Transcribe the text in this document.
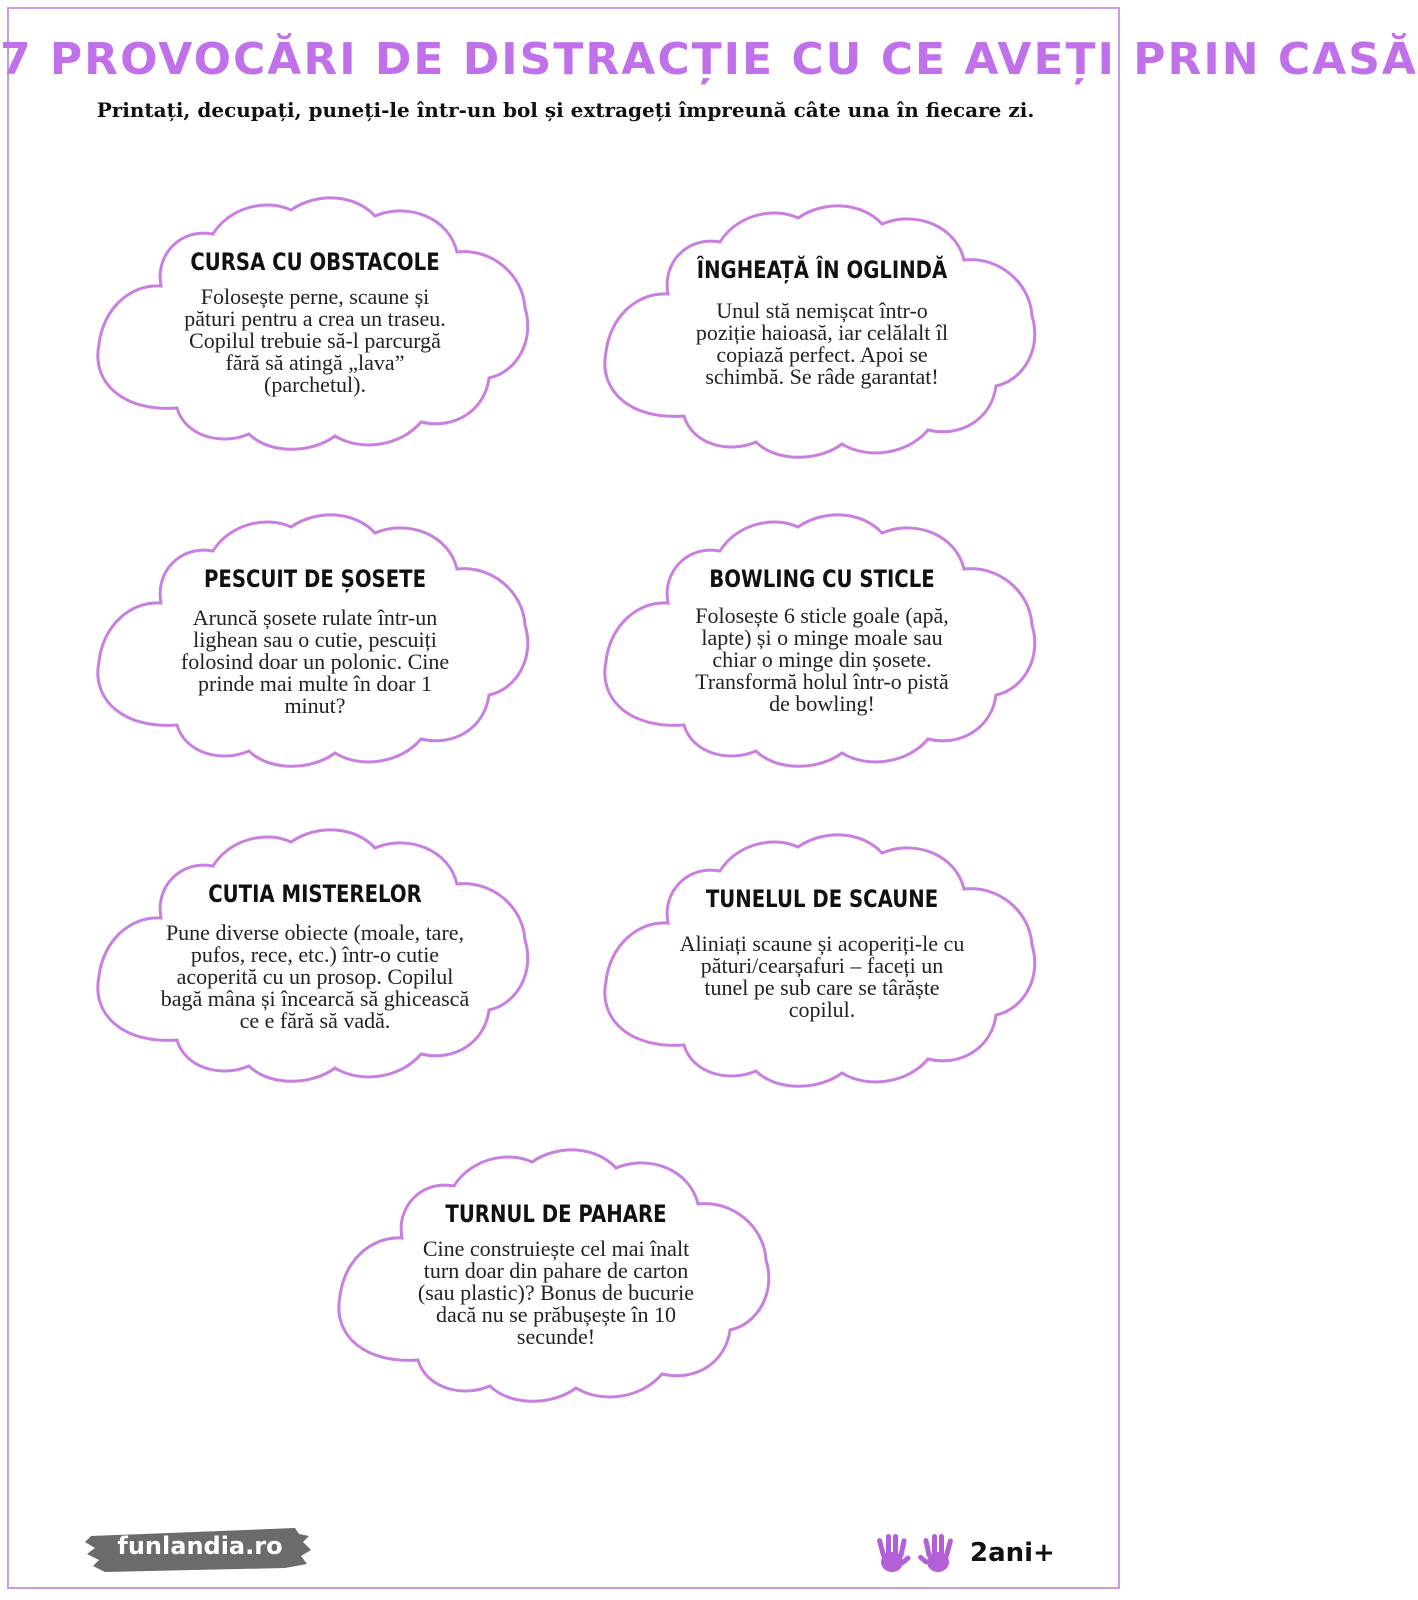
7 PROVOCĂRI DE DISTRACȚIE CU CE AVEȚI PRIN CASĂ
Printați, decupați, puneți-le într-un bol și extrageți împreună câte una în fiecare zi.
CURSA CU OBSTACOLE
Folosește perne, scaune și
pături pentru a crea un traseu.
Copilul trebuie să-l parcurgă
fără să atingă „lava”
(parchetul).
ÎNGHEAȚĂ ÎN OGLINDĂ
Unul stă nemișcat într-o
poziție haioasă, iar celălalt îl
copiază perfect. Apoi se
schimbă. Se râde garantat!
PESCUIT DE ȘOSETE
Aruncă șosete rulate într-un
lighean sau o cutie, pescuiți
folosind doar un polonic. Cine
prinde mai multe în doar 1
minut?
BOWLING CU STICLE
Folosește 6 sticle goale (apă,
lapte) și o minge moale sau
chiar o minge din șosete.
Transformă holul într-o pistă
de bowling!
CUTIA MISTERELOR
Pune diverse obiecte (moale, tare,
pufos, rece, etc.) într-o cutie
acoperită cu un prosop. Copilul
bagă mâna și încearcă să ghicească
ce e fără să vadă.
TUNELUL DE SCAUNE
Aliniați scaune și acoperiți-le cu
pături/cearșafuri – faceți un
tunel pe sub care se târăște
copilul.
TURNUL DE PAHARE
Cine construiește cel mai înalt
turn doar din pahare de carton
(sau plastic)? Bonus de bucurie
dacă nu se prăbușește în 10
secunde!
funlandia.ro	2ani+
